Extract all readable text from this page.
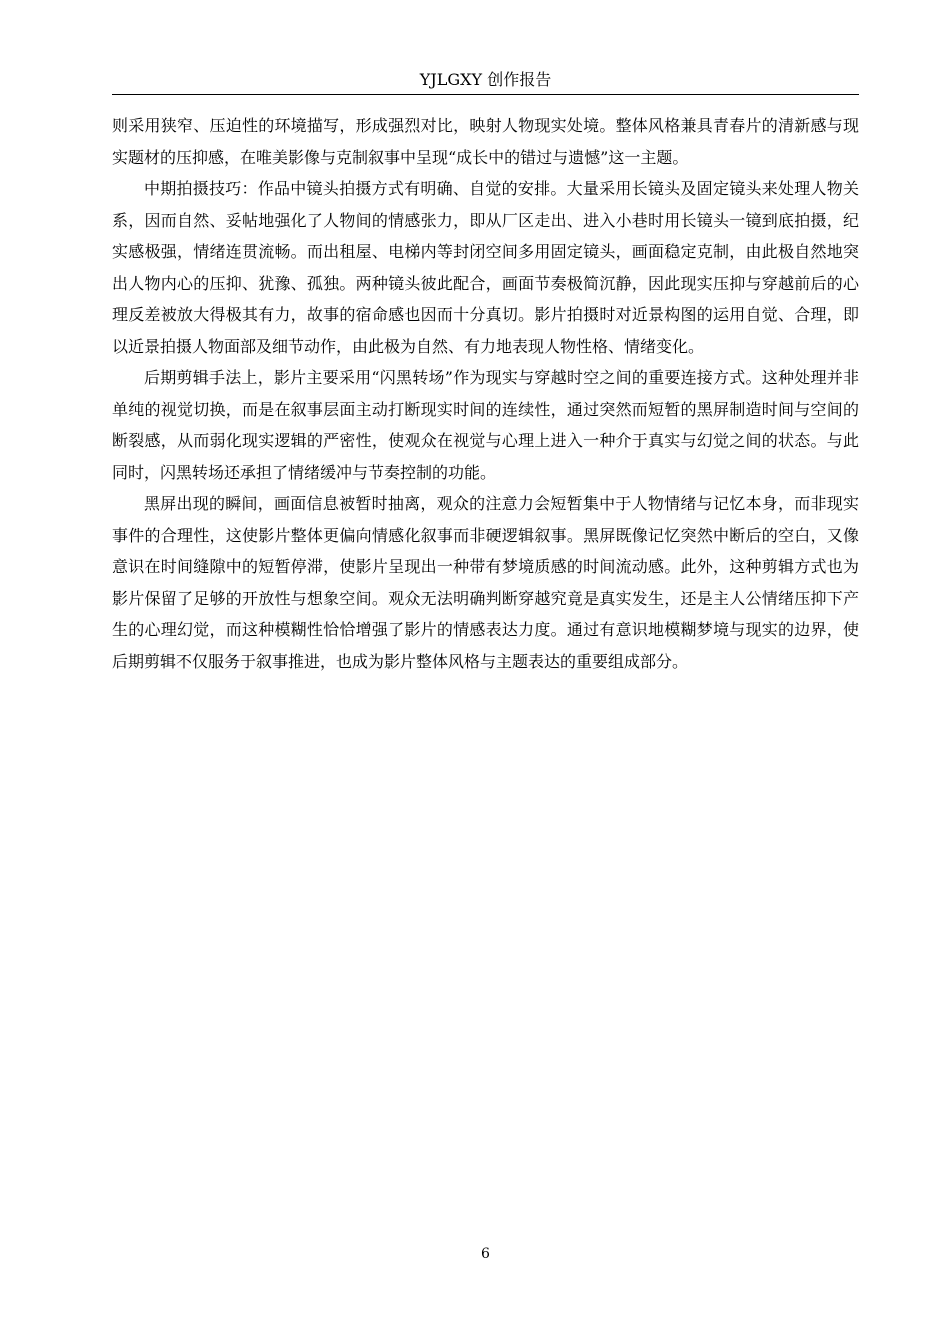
YJLGXY 创作报告

则采用狭窄、压迫性的环境描写，形成强烈对比，映射人物现实处境。整体风格兼具青春片的清新感与现实题材的压抑感，在唯美影像与克制叙事中呈现“成长中的错过与遗憾”这一主题。

中期拍摄技巧：作品中镜头拍摄方式有明确、自觉的安排。大量采用长镜头及固定镜头来处理人物关系，因而自然、妥帖地强化了人物间的情感张力，即从厂区走出、进入小巷时用长镜头一镜到底拍摄，纪实感极强，情绪连贯流畅。而出租屋、电梯内等封闭空间多用固定镜头，画面稳定克制，由此极自然地突出人物内心的压抑、犹豫、孤独。两种镜头彼此配合，画面节奏极简沉静，因此现实压抑与穿越前后的心理反差被放大得极其有力，故事的宿命感也因而十分真切。影片拍摄时对近景构图的运用自觉、合理，即以近景拍摄人物面部及细节动作，由此极为自然、有力地表现人物性格、情绪变化。

后期剪辑手法上，影片主要采用“闪黑转场”作为现实与穿越时空之间的重要连接方式。这种处理并非单纯的视觉切换，而是在叙事层面主动打断现实时间的连续性，通过突然而短暂的黑屏制造时间与空间的断裂感，从而弱化现实逻辑的严密性，使观众在视觉与心理上进入一种介于真实与幻觉之间的状态。与此同时，闪黑转场还承担了情绪缓冲与节奏控制的功能。

黑屏出现的瞬间，画面信息被暂时抽离，观众的注意力会短暂集中于人物情绪与记忆本身，而非现实事件的合理性，这使影片整体更偏向情感化叙事而非硬逻辑叙事。黑屏既像记忆突然中断后的空白，又像意识在时间缝隙中的短暂停滞，使影片呈现出一种带有梦境质感的时间流动感。此外，这种剪辑方式也为影片保留了足够的开放性与想象空间。观众无法明确判断穿越究竟是真实发生，还是主人公情绪压抑下产生的心理幻觉，而这种模糊性恰恰增强了影片的情感表达力度。通过有意识地模糊梦境与现实的边界，使后期剪辑不仅服务于叙事推进，也成为影片整体风格与主题表达的重要组成部分。

6
